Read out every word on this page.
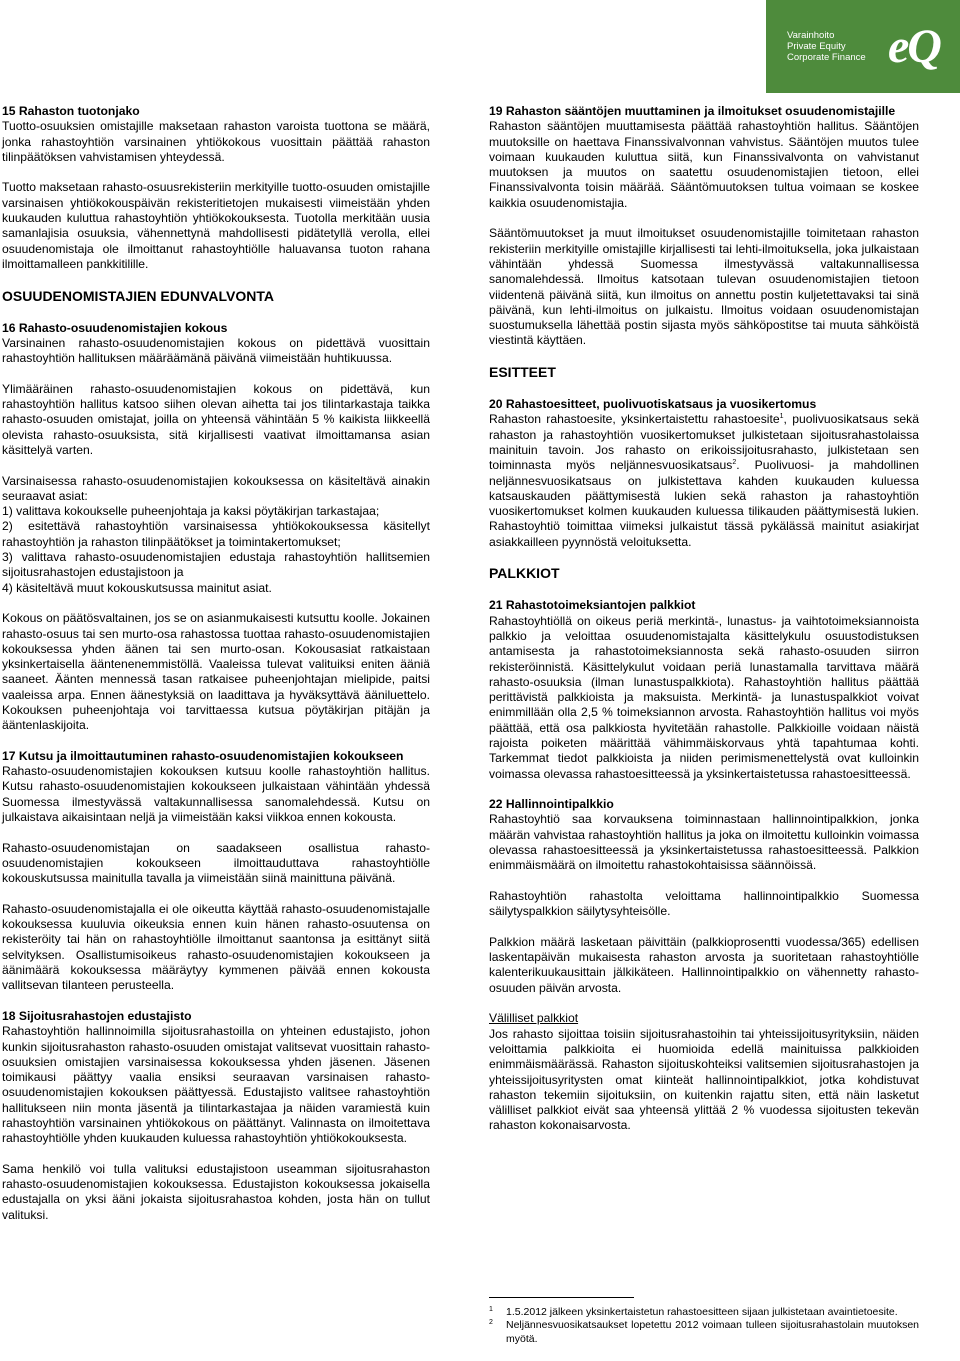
Varainhoito
Private Equity
Corporate Finance eQ

15 Rahaston tuotonjako

Tuotto-osuuksien omistajille maksetaan rahaston varoista tuottona se määrä, jonka rahastoyhtiön varsinainen yhtiökokous vuosittain päättää rahaston tilinpäätöksen vahvistamisen yhteydessä.

Tuotto maksetaan rahasto-osuusrekisteriin merkityille tuotto-osuuden omistajille varsinaisen yhtiökokouspäivän rekisteritietojen mukaisesti viimeistään yhden kuukauden kuluttua rahastoyhtiön yhtiökokouksesta. Tuotolla merkitään uusia samanlajisia osuuksia, vähennettynä mahdollisesti pidätetyllä verolla, ellei osuudenomistaja ole ilmoittanut rahastoyhtiölle haluavansa tuoton rahana ilmoittamalleen pankkitilille.

OSUUDENOMISTAJIEN EDUNVALVONTA

16 Rahasto-osuudenomistajien kokous

Varsinainen rahasto-osuudenomistajien kokous on pidettävä vuosittain rahastoyhtiön hallituksen määräämänä päivänä viimeistään huhtikuussa.

Ylimääräinen rahasto-osuudenomistajien kokous on pidettävä, kun rahastoyhtiön hallitus katsoo siihen olevan aihetta tai jos tilintarkastaja taikka rahasto-osuuden omistajat, joilla on yhteensä vähintään 5 % kaikista liikkeellä olevista rahasto-osuuksista, sitä kirjallisesti vaativat ilmoittamansa asian käsittelyä varten.

Varsinaisessa rahasto-osuudenomistajien kokouksessa on käsiteltävä ainakin seuraavat asiat:
1) valittava kokoukselle puheenjohtaja ja kaksi pöytäkirjan tarkastajaa;
2) esitettävä rahastoyhtiön varsinaisessa yhtiökokouksessa käsitellyt rahastoyhtiön ja rahaston tilinpäätökset ja toimintakertomukset;
3) valittava rahasto-osuudenomistajien edustaja rahastoyhtiön hallitsemien sijoitusrahastojen edustajistoon ja
4) käsiteltävä muut kokouskutsussa mainitut asiat.

Kokous on päätösvaltainen, jos se on asianmukaisesti kutsuttu koolle. Jokainen rahasto-osuus tai sen murto-osa rahastossa tuottaa rahasto-osuudenomistajien kokouksessa yhden äänen tai sen murto-osan. Kokousasiat ratkaistaan yksinkertaisella ääntenenemmistöllä. Vaaleissa tulevat valituiksi eniten ääniä saaneet. Äänten mennessä tasan ratkaisee puheenjohtajan mielipide, paitsi vaaleissa arpa. Ennen äänestyksiä on laadittava ja hyväksyttävä ääniluettelo. Kokouksen puheenjohtaja voi tarvittaessa kutsua pöytäkirjan pitäjän ja ääntenlaskijoita.

17 Kutsu ja ilmoittautuminen rahasto-osuudenomistajien kokoukseen

Rahasto-osuudenomistajien kokouksen kutsuu koolle rahastoyhtiön hallitus. Kutsu rahasto-osuudenomistajien kokoukseen julkaistaan vähintään yhdessä Suomessa ilmestyvässä valtakunnallisessa sanomalehdessä. Kutsu on julkaistava aikaisintaan neljä ja viimeistään kaksi viikkoa ennen kokousta.

Rahasto-osuudenomistajan on saadakseen osallistua rahasto-osuudenomistajien kokoukseen ilmoittauduttava rahastoyhtiölle kokouskutsussa mainitulla tavalla ja viimeistään siinä mainittuna päivänä.

Rahasto-osuudenomistajalla ei ole oikeutta käyttää rahasto-osuudenomistajalle kokouksessa kuuluvia oikeuksia ennen kuin hänen rahasto-osuutensa on rekisteröity tai hän on rahastoyhtiölle ilmoittanut saantonsa ja esittänyt siitä selvityksen. Osallistumisoikeus rahasto-osuudenomistajien kokoukseen ja äänimäärä kokouksessa määräytyy kymmenen päivää ennen kokousta vallitsevan tilanteen perusteella.

18 Sijoitusrahastojen edustajisto

Rahastoyhtiön hallinnoimilla sijoitusrahastoilla on yhteinen edustajisto, johon kunkin sijoitusrahaston rahasto-osuuden omistajat valitsevat vuosittain rahasto-osuuksien omistajien varsinaisessa kokouksessa yhden jäsenen. Jäsenen toimikausi päättyy vaalia ensiksi seuraavan varsinaisen rahasto-osuudenomistajien kokouksen päättyessä. Edustajisto valitsee rahastoyhtiön hallitukseen niin monta jäsentä ja tilintarkastajaa ja näiden varamiestä kuin rahastoyhtiön varsinainen yhtiökokous on päättänyt. Valinnasta on ilmoitettava rahastoyhtiölle yhden kuukauden kuluessa rahastoyhtiön yhtiökokouksesta.

Sama henkilö voi tulla valituksi edustajistoon useamman sijoitusrahaston rahasto-osuudenomistajien kokouksessa. Edustajiston kokouksessa jokaisella edustajalla on yksi ääni jokaista sijoitusrahastoa kohden, josta hän on tullut valituksi.

19 Rahaston sääntöjen muuttaminen ja ilmoitukset osuudenomistajille

Rahaston sääntöjen muuttamisesta päättää rahastoyhtiön hallitus. Sääntöjen muutoksille on haettava Finanssivalvonnan vahvistus. Sääntöjen muutos tulee voimaan kuukauden kuluttua siitä, kun Finanssivalvonta on vahvistanut muutoksen ja muutos on saatettu osuudenomistajien tietoon, ellei Finanssivalvonta toisin määrää. Sääntömuutoksen tultua voimaan se koskee kaikkia osuudenomistajia.

Sääntömuutokset ja muut ilmoitukset osuudenomistajille toimitetaan rahaston rekisteriin merkityille omistajille kirjallisesti tai lehti-ilmoituksella, joka julkaistaan vähintään yhdessä Suomessa ilmestyvässä valtakunnallisessa sanomalehdessä. Ilmoitus katsotaan tulevan osuudenomistajien tietoon viidentenä päivänä siitä, kun ilmoitus on annettu postin kuljetettavaksi tai sinä päivänä, kun lehti-ilmoitus on julkaistu. Ilmoitus voidaan osuudenomistajan suostumuksella lähettää postin sijasta myös sähköpostitse tai muuta sähköistä viestintä käyttäen.

ESITTEET

20 Rahastoesitteet, puolivuotiskatsaus ja vuosikertomus

Rahaston rahastoesite, yksinkertaistettu rahastoesite$^1$, puolivuosikatsaus sekä rahaston ja rahastoyhtiön vuosikertomukset julkistetaan sijoitusrahastolaissa mainituin tavoin. Jos rahasto on erikoissijoitusrahasto, julkistetaan sen toiminnasta myös neljännesvuosikatsaus$^2$. Puolivuosi- ja mahdollinen neljännesvuosikatsaus on julkistettava kahden kuukauden kuluessa katsauskauden päättymisestä lukien sekä rahaston ja rahastoyhtiön vuosikertomukset kolmen kuukauden kuluessa tilikauden päättymisestä lukien. Rahastoyhtiö toimittaa viimeksi julkaistut tässä pykälässä mainitut asiakirjat asiakkailleen pyynnöstä veloituksetta.

PALKKIOT

21 Rahastotoimeksiantojen palkkiot

Rahastoyhtiöllä on oikeus periä merkintä-, lunastus- ja vaihtotoimeksiannoista palkkio ja veloittaa osuudenomistajalta käsittelykulu osuustodistuksen antamisesta ja rahastotoimeksiannosta sekä rahasto-osuuden siirron rekisteröinnistä. Käsittelykulut voidaan periä lunastamalla tarvittava määrä rahasto-osuuksia (ilman lunastuspalkkiota). Rahastoyhtiön hallitus päättää perittävistä palkkioista ja maksuista. Merkintä- ja lunastuspalkkiot voivat enimmillään olla 2,5 % toimeksiannon arvosta. Rahastoyhtiön hallitus voi myös päättää, että osa palkkiosta hyvitetään rahastolle. Palkkioille voidaan näistä rajoista poiketen määrittää vähimmäiskorvaus yhtä tapahtumaa kohti. Tarkemmat tiedot palkkioista ja niiden perimismenettelystä ovat kulloinkin voimassa olevassa rahastoesitteessä ja yksinkertaistetussa rahastoesitteessä.

22 Hallinnointipalkkio

Rahastoyhtiö saa korvauksena toiminnastaan hallinnointipalkkion, jonka määrän vahvistaa rahastoyhtiön hallitus ja joka on ilmoitettu kulloinkin voimassa olevassa rahastoesitteessä ja yksinkertaistetussa rahastoesitteessä. Palkkion enimmäismäärä on ilmoitettu rahastokohtaisissa säännöissä.

Rahastoyhtiön rahastolta veloittama hallinnointipalkkio Suomessa säilytyspalkkion säilytysyhteisölle.

Palkkion määrä lasketaan päivittäin (palkkioprosentti vuodessa/365) edellisen laskentapäivän mukaisesta rahaston arvosta ja suoritetaan rahastoyhtiölle kalenterikuukausittain jälkikäteen. Hallinnointipalkkio on vähennetty rahasto-osuuden päivän arvosta.

Välilliset palkkiot

Jos rahasto sijoittaa toisiin sijoitusrahastoihin tai yhteissijoitusyrityksiin, näiden veloittamia palkkioita ei huomioida edellä mainituissa palkkioiden enimmäismäärässä. Rahaston sijoituskohteiksi valitsemien sijoitusrahastojen ja yhteissijoitusyritysten omat kiinteät hallinnointipalkkiot, jotka kohdistuvat rahaston tekemiin sijoituksiin, on kuitenkin rajattu siten, että näin lasketut välilliset palkkiot eivät saa yhteensä ylittää 2 % vuodessa sijoitusten tekevän rahaston kokonaisarvosta.

1	1.5.2012 jälkeen yksinkertaistetun rahastoesitteen sijaan julkistetaan avaintietoesite.
2	Neljännesvuosikatsaukset lopetettu 2012 voimaan tulleen sijoitusrahastolain muutoksen myötä.
